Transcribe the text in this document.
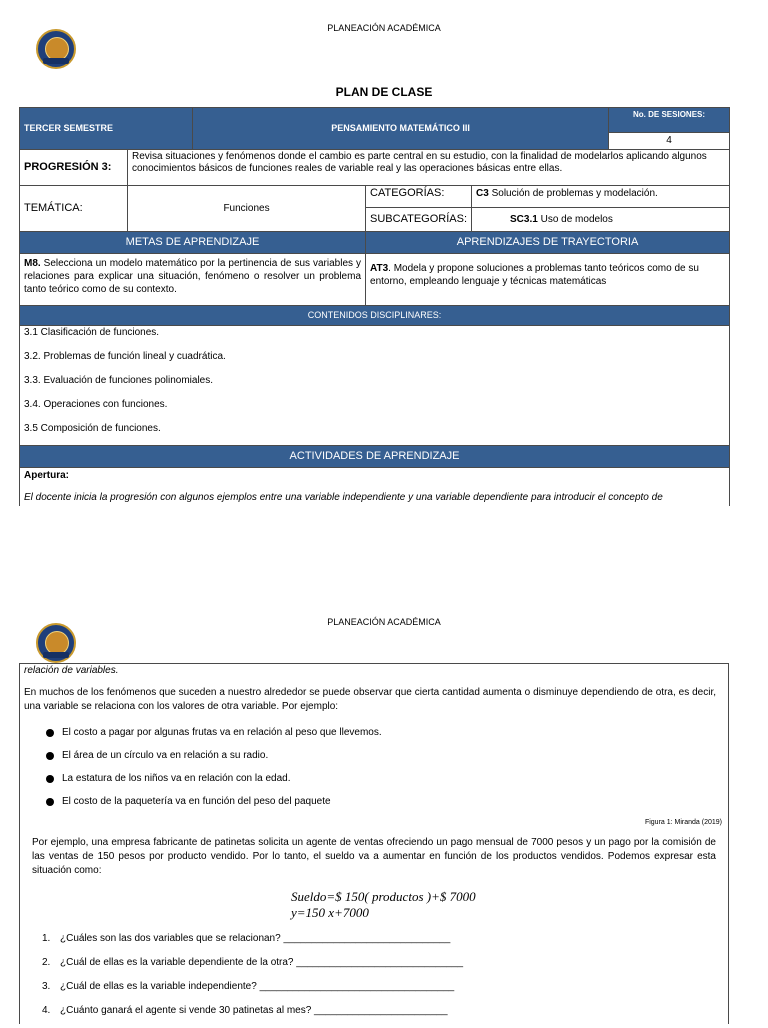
PLANEACIÓN ACADÉMICA
PLAN DE CLASE
TERCER SEMESTRE		PENSAMIENTO MATEMÁTICO III			No. DE SESIONES:
					4
PROGRESIÓN 3:	Revisa situaciones y fenómenos donde el cambio es parte central en su estudio, con la finalidad de modelarlos aplicando algunos conocimientos básicos de funciones reales de variable real y las operaciones básicas entre ellas.				
TEMÁTICA:	Funciones		CATEGORÍAS:	C3 Solución de problemas y modelación.	
			SUBCATEGORÍAS:	SC3.1 Uso de modelos	
METAS DE APRENDIZAJE			APRENDIZAJES DE TRAYECTORIA		
M8. Selecciona un modelo matemático por la pertinencia de sus variables y relaciones para explicar una situación, fenómeno o resolver un problema tanto teórico como de su contexto.			AT3. Modela y propone soluciones a problemas tanto teóricos como de su entorno, empleando lenguaje y técnicas matemáticas		
CONTENIDOS DISCIPLINARES:					

3.1 Clasificación de funciones.
3.2. Problemas de función lineal y cuadrática.
3.3. Evaluación de funciones polinomiales.
3.4. Operaciones con funciones.
3.5 Composición de funciones.					

ACTIVIDADES DE APRENDIZAJE					

Apertura:
El docente inicia la progresión con algunos ejemplos entre una variable independiente y una variable dependiente para introducir el concepto de					
PLANEACIÓN ACADÉMICA
relación de variables.
En muchos de los fenómenos que suceden a nuestro alrededor se puede observar que cierta cantidad aumenta o disminuye dependiendo de otra, es decir, una variable se relaciona con los valores de otra variable. Por ejemplo:
El costo a pagar por algunas frutas va en relación al peso que llevemos.
El área de un círculo va en relación a su radio.
La estatura de los niños va en relación con la edad.
El costo de la paquetería va en función del peso del paquete
Figura 1: Miranda (2019)
Por ejemplo, una empresa fabricante de patinetas solicita un agente de ventas ofreciendo un pago mensual de 7000 pesos y un pago por la comisión de las ventas de 150 pesos por producto vendido. Por lo tanto, el sueldo va a aumentar en función de los productos vendidos. Podemos expresar esta situación como:
Sueldo=$ 150( productos )+$ 7000
y=150 x+7000
1. ¿Cuáles son las dos variables que se relacionan? ______________________________
2. ¿Cuál de ellas es la variable dependiente de la otra? ______________________________
3. ¿Cuál de ellas es la variable independiente? ___________________________________
4. ¿Cuánto ganará el agente si vende 30 patinetas al mes? ________________________
